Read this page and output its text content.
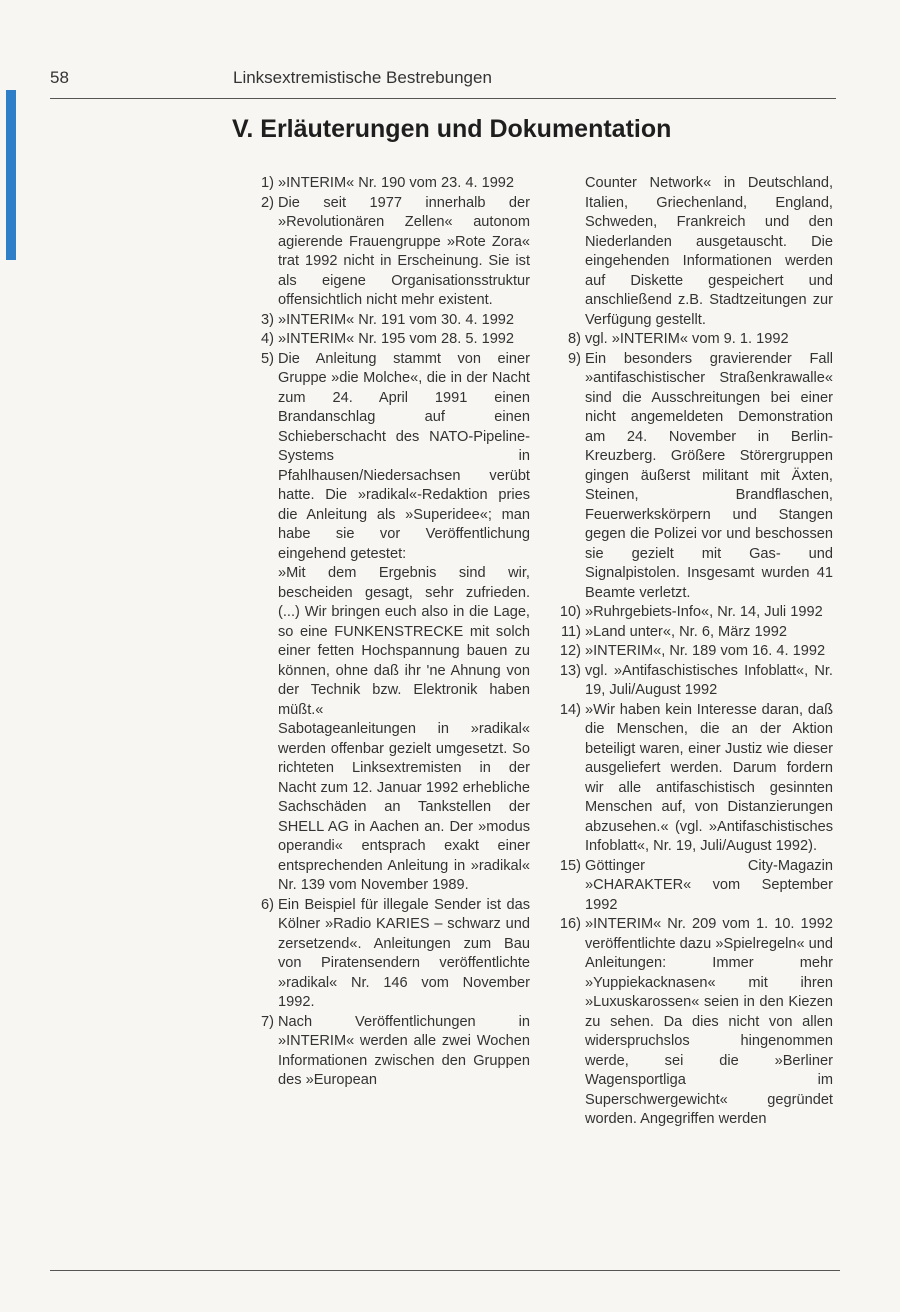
58	Linksextremistische Bestrebungen
V. Erläuterungen und Dokumentation
1) »INTERIM« Nr. 190 vom 23. 4. 1992
2) Die seit 1977 innerhalb der »Revolutionären Zellen« autonom agierende Frauengruppe »Rote Zora« trat 1992 nicht in Erscheinung. Sie ist als eigene Organisationsstruktur offensichtlich nicht mehr existent.
3) »INTERIM« Nr. 191 vom 30. 4. 1992
4) »INTERIM« Nr. 195 vom 28. 5. 1992
5) Die Anleitung stammt von einer Gruppe »die Molche«, die in der Nacht zum 24. April 1991 einen Brandanschlag auf einen Schieberschacht des NATO-Pipeline-Systems in Pfahlhausen/Niedersachsen verübt hatte. Die »radikal«-Redaktion pries die Anleitung als »Superidee«; man habe sie vor Veröffentlichung eingehend getestet:
»Mit dem Ergebnis sind wir, bescheiden gesagt, sehr zufrieden. (...) Wir bringen euch also in die Lage, so eine FUNKENSTRECKE mit solch einer fetten Hochspannung bauen zu können, ohne daß ihr 'ne Ahnung von der Technik bzw. Elektronik haben müßt.«
Sabotageanleitungen in »radikal« werden offenbar gezielt umgesetzt. So richteten Linksextremisten in der Nacht zum 12. Januar 1992 erhebliche Sachschäden an Tankstellen der SHELL AG in Aachen an. Der »modus operandi« entsprach exakt einer entsprechenden Anleitung in »radikal« Nr. 139 vom November 1989.
6) Ein Beispiel für illegale Sender ist das Kölner »Radio KARIES – schwarz und zersetzend«. Anleitungen zum Bau von Piratensendern veröffentlichte »radikal« Nr. 146 vom November 1992.
7) Nach Veröffentlichungen in »INTERIM« werden alle zwei Wochen Informationen zwischen den Gruppen des »European
Counter Network« in Deutschland, Italien, Griechenland, England, Schweden, Frankreich und den Niederlanden ausgetauscht. Die eingehenden Informationen werden auf Diskette gespeichert und anschließend z.B. Stadtzeitungen zur Verfügung gestellt.
8) vgl. »INTERIM« vom 9. 1. 1992
9) Ein besonders gravierender Fall »antifaschistischer Straßenkrawalle« sind die Ausschreitungen bei einer nicht angemeldeten Demonstration am 24. November in Berlin-Kreuzberg. Größere Störergruppen gingen äußerst militant mit Äxten, Steinen, Brandflaschen, Feuerwerkskörpern und Stangen gegen die Polizei vor und beschossen sie gezielt mit Gas- und Signalpistolen. Insgesamt wurden 41 Beamte verletzt.
10) »Ruhrgebiets-Info«, Nr. 14, Juli 1992
11) »Land unter«, Nr. 6, März 1992
12) »INTERIM«, Nr. 189 vom 16. 4. 1992
13) vgl. »Antifaschistisches Infoblatt«, Nr. 19, Juli/August 1992
14) »Wir haben kein Interesse daran, daß die Menschen, die an der Aktion beteiligt waren, einer Justiz wie dieser ausgeliefert werden. Darum fordern wir alle antifaschistisch gesinnten Menschen auf, von Distanzierungen abzusehen.« (vgl. »Antifaschistisches Infoblatt«, Nr. 19, Juli/August 1992).
15) Göttinger City-Magazin »CHARAKTER« vom September 1992
16) »INTERIM« Nr. 209 vom 1. 10. 1992 veröffentlichte dazu »Spielregeln« und Anleitungen: Immer mehr »Yuppiekacknasen« mit ihren »Luxuskarossen« seien in den Kiezen zu sehen. Da dies nicht von allen widerspruchslos hingenommen werde, sei die »Berliner Wagensportliga im Superschwergewicht« gegründet worden. Angegriffen werden
